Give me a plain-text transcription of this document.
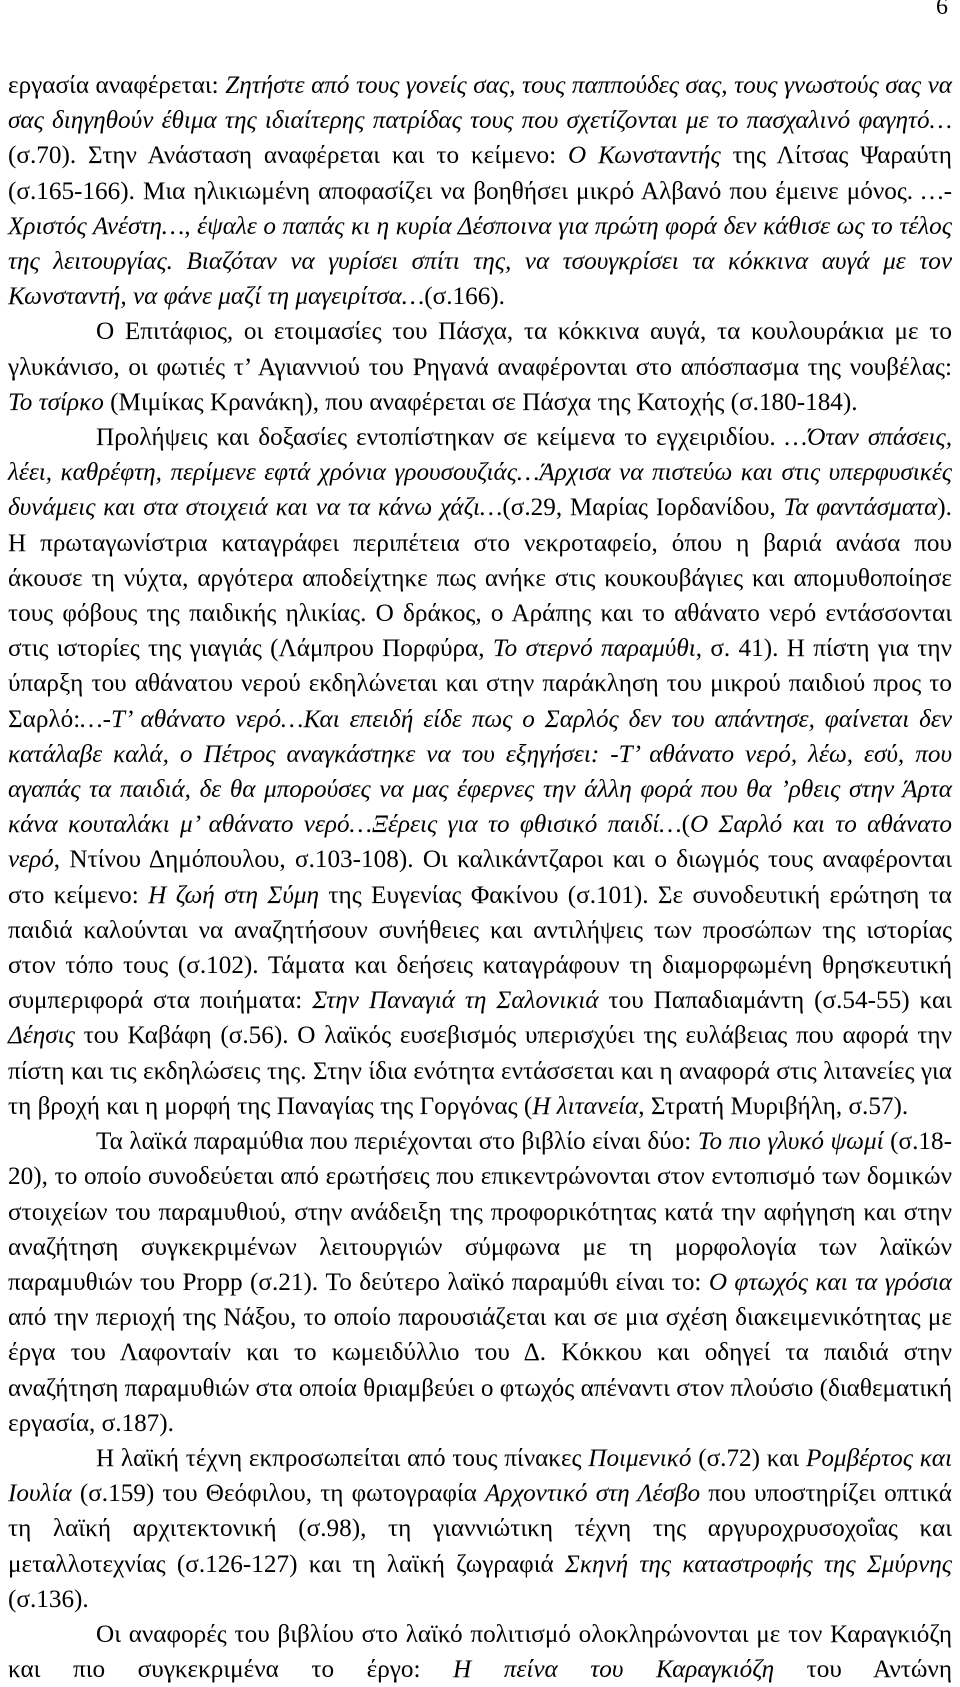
6

εργασία αναφέρεται: Ζητήστε από τους γονείς σας, τους παππούδες σας, τους γνωστούς σας να σας διηγηθούν έθιμα της ιδιαίτερης πατρίδας τους που σχετίζονται με το πασχαλινό φαγητό… (σ.70). Στην Ανάσταση αναφέρεται και το κείμενο: Ο Κωνσταντής της Λίτσας Ψαραύτη (σ.165-166). Μια ηλικιωμένη αποφασίζει να βοηθήσει μικρό Αλβανό που έμεινε μόνος. …-Χριστός Ανέστη…, έψαλε ο παπάς κι η κυρία Δέσποινα για πρώτη φορά δεν κάθισε ως το τέλος της λειτουργίας. Βιαζόταν να γυρίσει σπίτι της, να τσουγκρίσει τα κόκκινα αυγά με τον Κωνσταντή, να φάνε μαζί τη μαγειρίτσα…(σ.166).

Ο Επιτάφιος, οι ετοιμασίες του Πάσχα, τα κόκκινα αυγά, τα κουλουράκια με το γλυκάνισο, οι φωτιές τ’ Αγιαννιού του Ρηγανά αναφέρονται στο απόσπασμα της νουβέλας: Το τσίρκο (Μιμίκας Κρανάκη), που αναφέρεται σε Πάσχα της Κατοχής (σ.180-184).

Προλήψεις και δοξασίες εντοπίστηκαν σε κείμενα το εγχειριδίου. …Όταν σπάσεις, λέει, καθρέφτη, περίμενε εφτά χρόνια γρουσουζιάς…Άρχισα να πιστεύω και στις υπερφυσικές δυνάμεις και στα στοιχειά και να τα κάνω χάζι…(σ.29, Μαρίας Ιορδανίδου, Τα φαντάσματα). Η πρωταγωνίστρια καταγράφει περιπέτεια στο νεκροταφείο, όπου η βαριά ανάσα που άκουσε τη νύχτα, αργότερα αποδείχτηκε πως ανήκε στις κουκουβάγιες και απομυθοποίησε τους φόβους της παιδικής ηλικίας. Ο δράκος, ο Αράπης και το αθάνατο νερό εντάσσονται στις ιστορίες της γιαγιάς (Λάμπρου Πορφύρα, Το στερνό παραμύθι, σ. 41). Η πίστη για την ύπαρξη του αθάνατου νερού εκδηλώνεται και στην παράκληση του μικρού παιδιού προς το Σαρλό:…-Τ’ αθάνατο νερό…Και επειδή είδε πως ο Σαρλός δεν του απάντησε, φαίνεται δεν κατάλαβε καλά, ο Πέτρος αναγκάστηκε να του εξηγήσει: -Τ’ αθάνατο νερό, λέω, εσύ, που αγαπάς τα παιδιά, δε θα μπορούσες να μας έφερνες την άλλη φορά που θα ’ρθεις στην Άρτα κάνα κουταλάκι μ’ αθάνατο νερό…Ξέρεις για το φθισικό παιδί…(Ο Σαρλό και το αθάνατο νερό, Ντίνου Δημόπουλου, σ.103-108). Οι καλικάντζαροι και ο διωγμός τους αναφέρονται στο κείμενο: Η ζωή στη Σύμη της Ευγενίας Φακίνου (σ.101). Σε συνοδευτική ερώτηση τα παιδιά καλούνται να αναζητήσουν συνήθειες και αντιλήψεις των προσώπων της ιστορίας στον τόπο τους (σ.102). Τάματα και δεήσεις καταγράφουν τη διαμορφωμένη θρησκευτική συμπεριφορά στα ποιήματα: Στην Παναγιά τη Σαλονικιά του Παπαδιαμάντη (σ.54-55) και Δέησις του Καβάφη (σ.56). Ο λαϊκός ευσεβισμός υπερισχύει της ευλάβειας που αφορά την πίστη και τις εκδηλώσεις της. Στην ίδια ενότητα εντάσσεται και η αναφορά στις λιτανείες για τη βροχή και η μορφή της Παναγίας της Γοργόνας (Η λιτανεία, Στρατή Μυριβήλη, σ.57).

Τα λαϊκά παραμύθια που περιέχονται στο βιβλίο είναι δύο: Το πιο γλυκό ψωμί (σ.18-20), το οποίο συνοδεύεται από ερωτήσεις που επικεντρώνονται στον εντοπισμό των δομικών στοιχείων του παραμυθιού, στην ανάδειξη της προφορικότητας κατά την αφήγηση και στην αναζήτηση συγκεκριμένων λειτουργιών σύμφωνα με τη μορφολογία των λαϊκών παραμυθιών του Propp (σ.21). Το δεύτερο λαϊκό παραμύθι είναι το: Ο φτωχός και τα γρόσια από την περιοχή της Νάξου, το οποίο παρουσιάζεται και σε μια σχέση διακειμενικότητας με έργα του Λαφονταίν και το κωμειδύλλιο του Δ. Κόκκου και οδηγεί τα παιδιά στην αναζήτηση παραμυθιών στα οποία θριαμβεύει ο φτωχός απέναντι στον πλούσιο (διαθεματική εργασία, σ.187).

Η λαϊκή τέχνη εκπροσωπείται από τους πίνακες Ποιμενικό (σ.72) και Ρομβέρτος και Ιουλία (σ.159) του Θεόφιλου, τη φωτογραφία Αρχοντικό στη Λέσβο που υποστηρίζει οπτικά τη λαϊκή αρχιτεκτονική (σ.98), τη γιαννιώτικη τέχνη της αργυροχρυσοχοΐας και μεταλλοτεχνίας (σ.126-127) και τη λαϊκή ζωγραφιά Σκηνή της καταστροφής της Σμύρνης (σ.136).

Οι αναφορές του βιβλίου στο λαϊκό πολιτισμό ολοκληρώνονται με τον Καραγκιόζη και πιο συγκεκριμένα το έργο: Η πείνα του Καραγκιόζη του Αντώνη
